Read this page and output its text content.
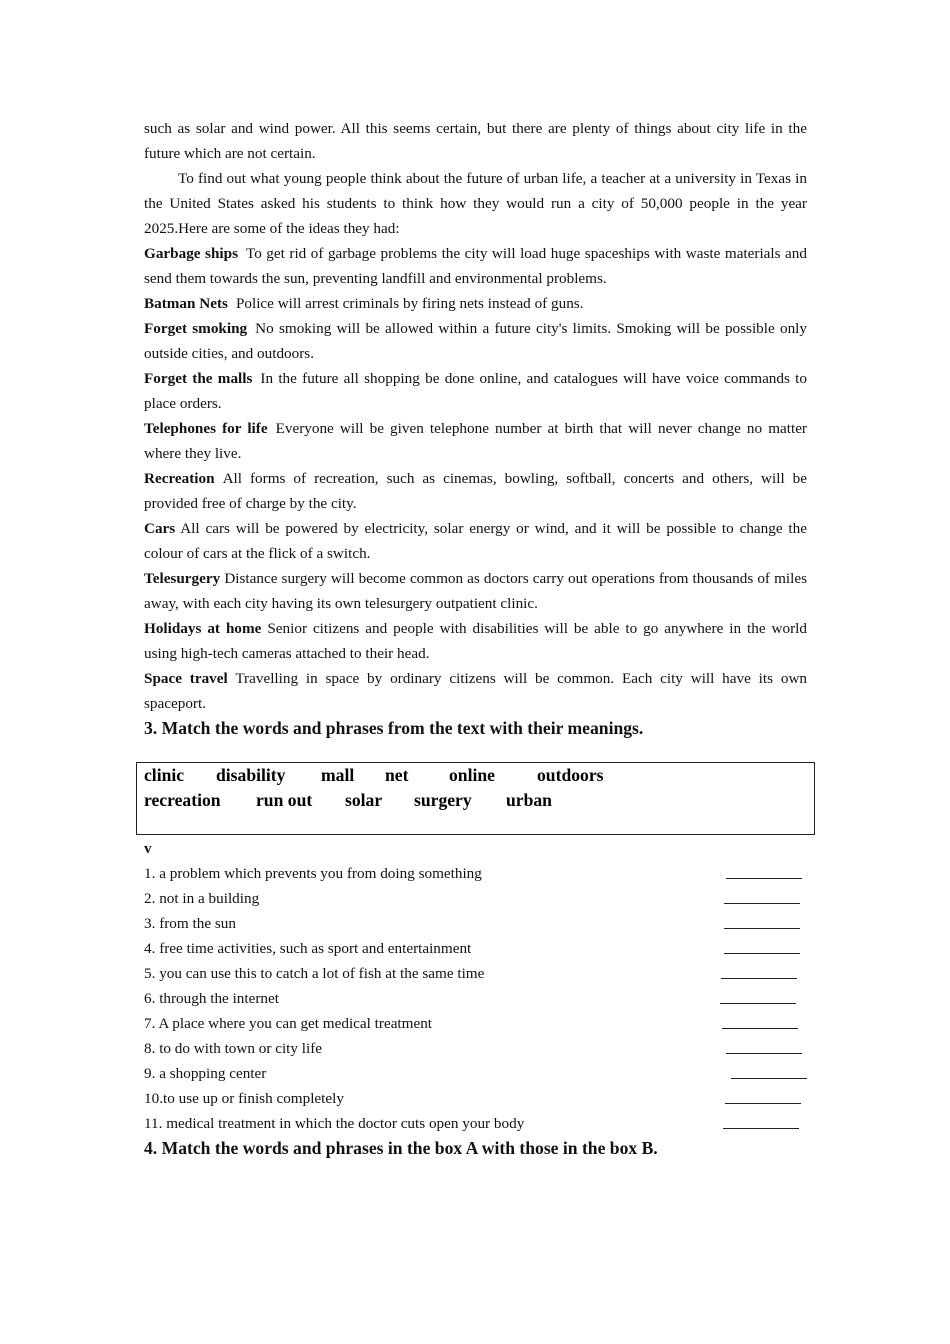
such as solar and wind power. All this seems certain, but there are plenty of things about city life in the future which are not certain.

To find out what young people think about the future of urban life, a teacher at a university in Texas in the United States asked his students to think how they would run a city of 50,000 people in the year 2025.Here are some of the ideas they had:

Garbage ships To get rid of garbage problems the city will load huge spaceships with waste materials and send them towards the sun, preventing landfill and environmental problems.

Batman Nets Police will arrest criminals by firing nets instead of guns.

Forget smoking No smoking will be allowed within a future city's limits. Smoking will be possible only outside cities, and outdoors.

Forget the malls In the future all shopping be done online, and catalogues will have voice commands to place orders.

Telephones for life Everyone will be given telephone number at birth that will never change no matter where they live.

Recreation All forms of recreation, such as cinemas, bowling, softball, concerts and others, will be provided free of charge by the city.

Cars All cars will be powered by electricity, solar energy or wind, and it will be possible to change the colour of cars at the flick of a switch.

Telesurgery Distance surgery will become common as doctors carry out operations from thousands of miles away, with each city having its own telesurgery outpatient clinic.

Holidays at home Senior citizens and people with disabilities will be able to go anywhere in the world using high-tech cameras attached to their head.

Space travel Travelling in space by ordinary citizens will be common. Each city will have its own spaceport.

3. Match the words and phrases from the text with their meanings.
clinic disability mall net online outdoors
recreation run out solar surgery urban
v
1. a problem which prevents you from doing something
2. not in a building
3. from the sun
4. free time activities, such as sport and entertainment
5. you can use this to catch a lot of fish at the same time
6. through the internet
7. A place where you can get medical treatment
8. to do with town or city life
9. a shopping center
10.to use up or finish completely
11. medical treatment in which the doctor cuts open your body
4. Match the words and phrases in the box A with those in the box B.
